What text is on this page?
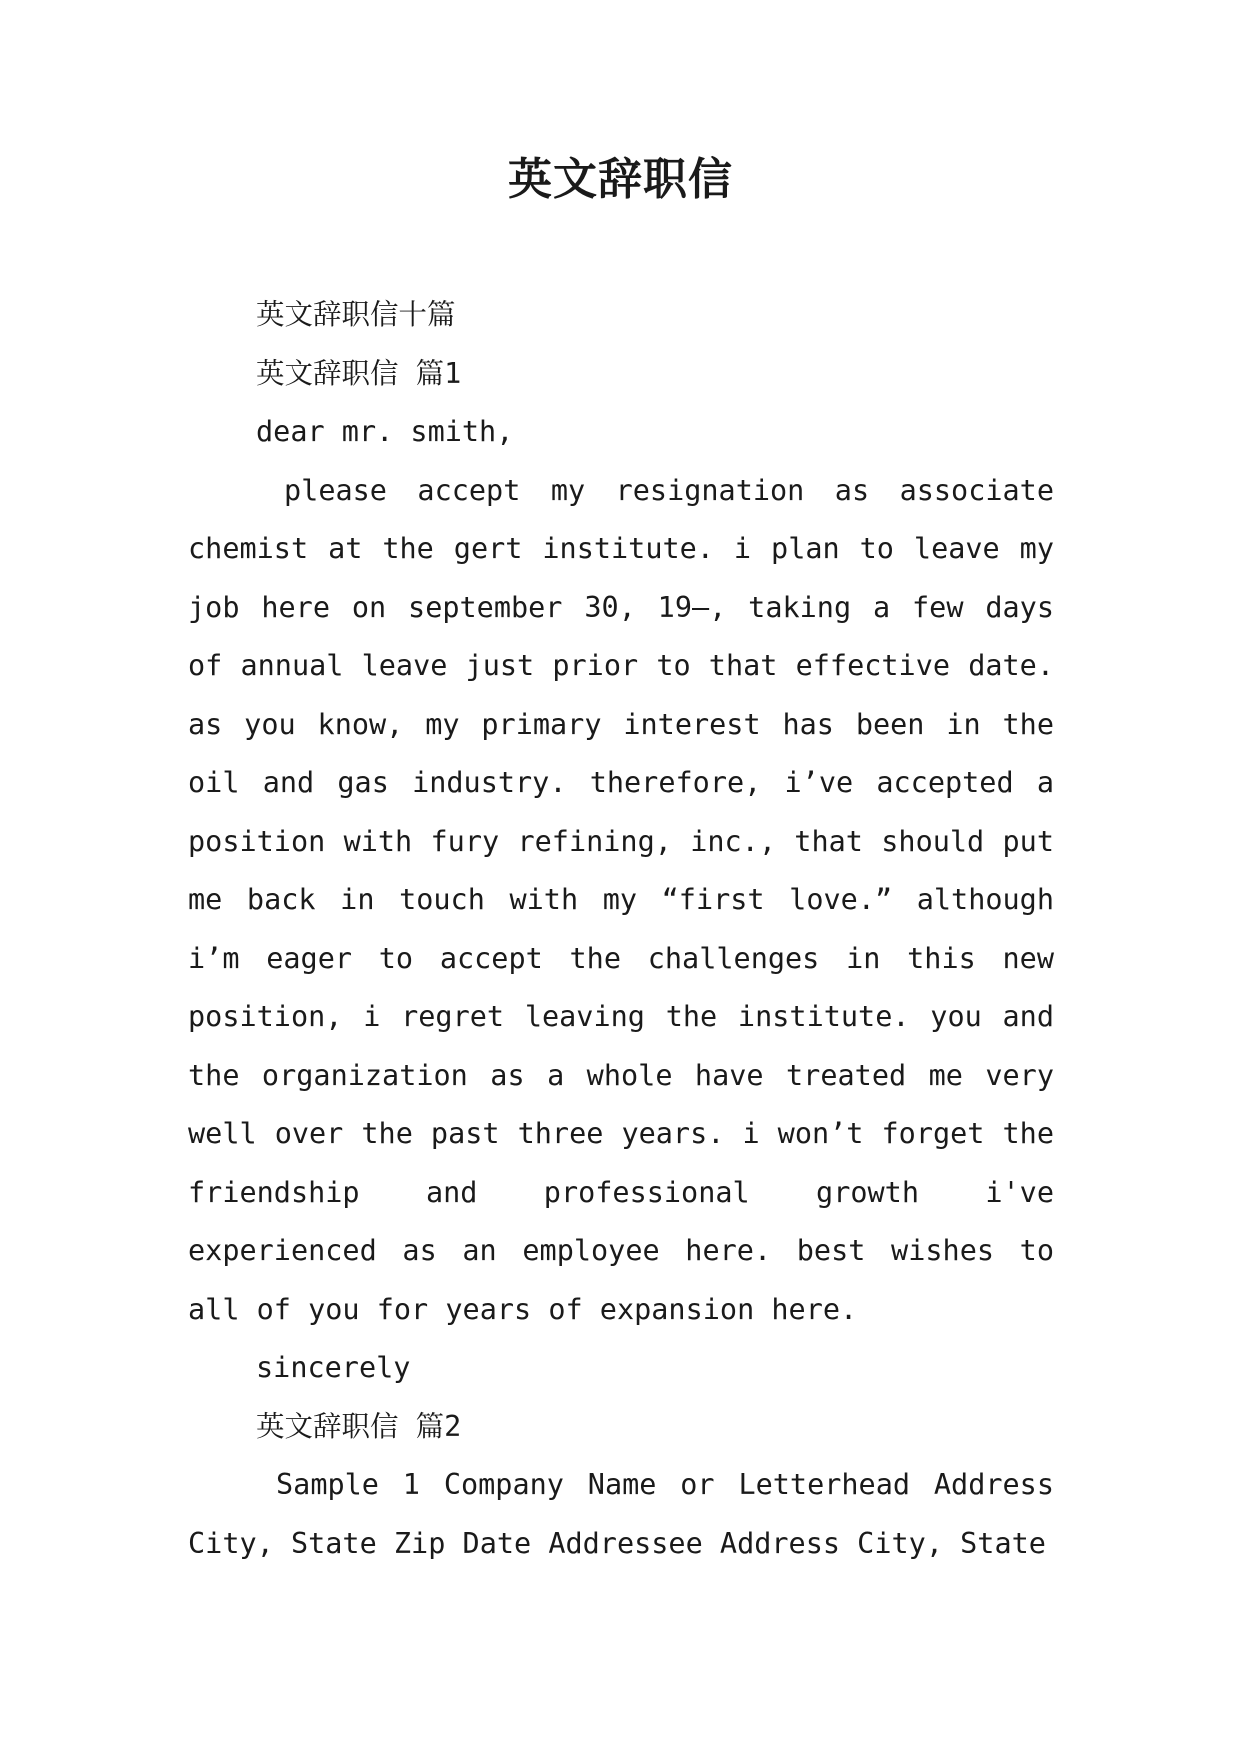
英文辞职信

英文辞职信十篇

英文辞职信 篇1

dear mr. smith,

please accept my resignation as associate chemist at the gert institute. i plan to leave my job here on september 30, 19–, taking a few days of annual leave just prior to that effective date. as you know, my primary interest has been in the oil and gas industry. therefore, i’ve accepted a position with fury refining, inc., that should put me back in touch with my “first love.” although i’m eager to accept the challenges in this new position, i regret leaving the institute. you and the organization as a whole have treated me very well over the past three years. i won’t forget the friendship and professional growth i've experienced as an employee here. best wishes to all of you for years of expansion here.

sincerely

英文辞职信 篇2

Sample 1 Company Name or Letterhead Address City, State Zip Date Addressee Address City, State
